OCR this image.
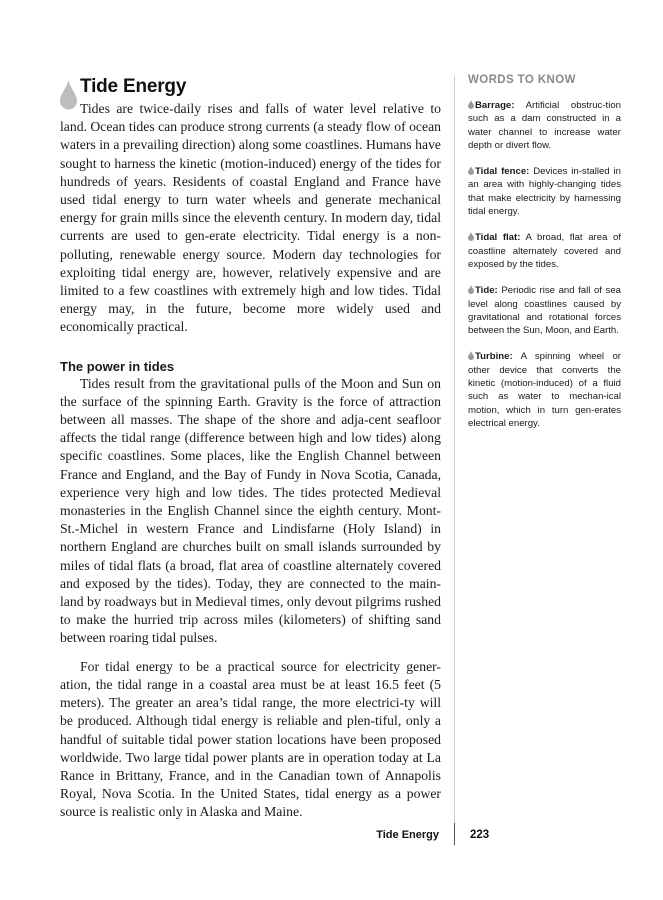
Tide Energy

Tides are twice-daily rises and falls of water level relative to land. Ocean tides can produce strong currents (a steady flow of ocean waters in a prevailing direction) along some coastlines. Humans have sought to harness the kinetic (motion-induced) energy of the tides for hundreds of years. Residents of coastal England and France have used tidal energy to turn water wheels and generate mechanical energy for grain mills since the eleventh century. In modern day, tidal currents are used to gen-erate electricity. Tidal energy is a non-polluting, renewable energy source. Modern day technologies for exploiting tidal energy are, however, relatively expensive and are limited to a few coastlines with extremely high and low tides. Tidal energy may, in the future, become more widely used and economically practical.

The power in tides

Tides result from the gravitational pulls of the Moon and Sun on the surface of the spinning Earth. Gravity is the force of attraction between all masses. The shape of the shore and adja-cent seafloor affects the tidal range (difference between high and low tides) along specific coastlines. Some places, like the English Channel between France and England, and the Bay of Fundy in Nova Scotia, Canada, experience very high and low tides. The tides protected Medieval monasteries in the English Channel since the eighth century. Mont-St.-Michel in western France and Lindisfarne (Holy Island) in northern England are churches built on small islands surrounded by miles of tidal flats (a broad, flat area of coastline alternately covered and exposed by the tides). Today, they are connected to the main-land by roadways but in Medieval times, only devout pilgrims rushed to make the hurried trip across miles (kilometers) of shifting sand between roaring tidal pulses.

For tidal energy to be a practical source for electricity gener-ation, the tidal range in a coastal area must be at least 16.5 feet (5 meters). The greater an area’s tidal range, the more electrici-ty will be produced. Although tidal energy is reliable and plen-tiful, only a handful of suitable tidal power station locations have been proposed worldwide. Two large tidal power plants are in operation today at La Rance in Brittany, France, and in the Canadian town of Annapolis Royal, Nova Scotia. In the United States, tidal energy as a power source is realistic only in Alaska and Maine.

WORDS TO KNOW
Barrage: Artificial obstruc-tion such as a dam constructed in a water channel to increase water depth or divert flow.
Tidal fence: Devices in-stalled in an area with highly-changing tides that make electricity by harnessing tidal energy.
Tidal flat: A broad, flat area of coastline alternately covered and exposed by the tides.
Tide: Periodic rise and fall of sea level along coastlines caused by gravitational and rotational forces between the Sun, Moon, and Earth.
Turbine: A spinning wheel or other device that converts the kinetic (motion-induced) of a fluid such as water to mechan-ical motion, which in turn gen-erates electrical energy.
Tide Energy	223
